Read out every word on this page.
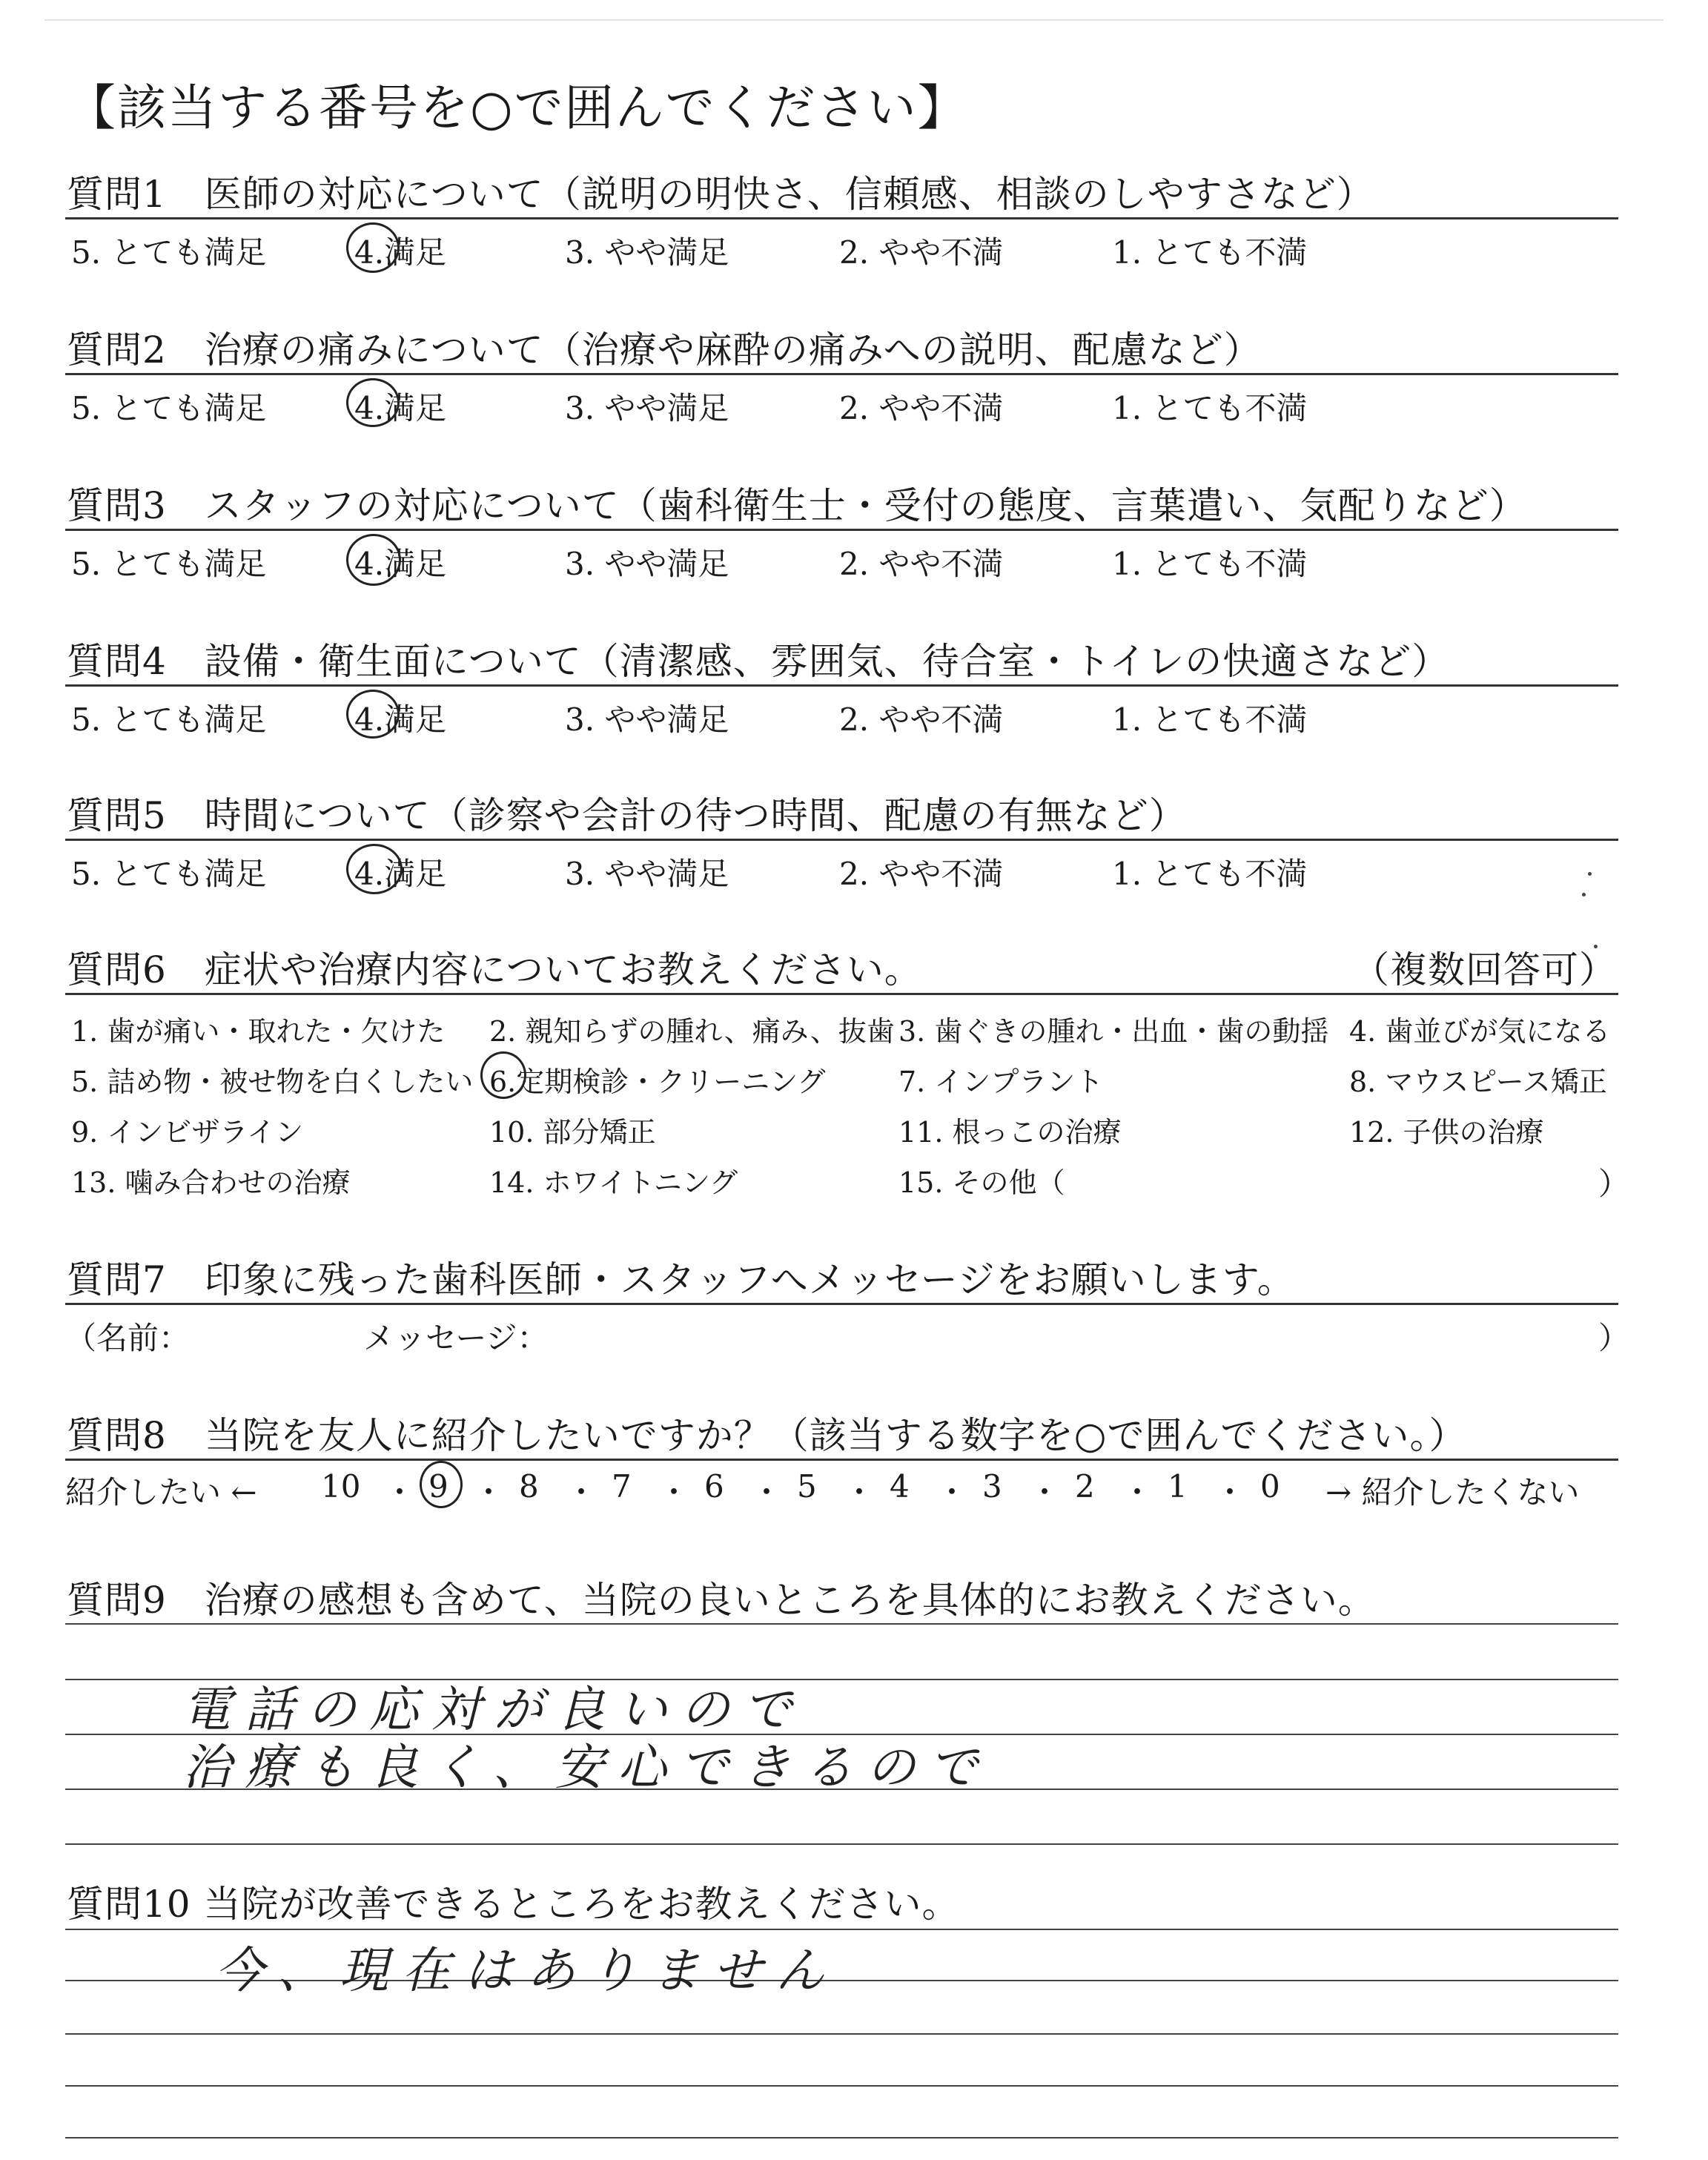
【該当する番号を○で囲んでください】
質問1　医師の対応について（説明の明快さ、信頼感、相談のしやすさなど）
5. とても満足	4.満足	3. やや満足	2. やや不満	1. とても不満
質問2　治療の痛みについて（治療や麻酔の痛みへの説明、配慮など）
5. とても満足	4.満足	3. やや満足	2. やや不満	1. とても不満
質問3　スタッフの対応について（歯科衛生士・受付の態度、言葉遣い、気配りなど）
5. とても満足	4.満足	3. やや満足	2. やや不満	1. とても不満
質問4　設備・衛生面について（清潔感、雰囲気、待合室・トイレの快適さなど）
5. とても満足	4.満足	3. やや満足	2. やや不満	1. とても不満
質問5　時間について（診察や会計の待つ時間、配慮の有無など）
5. とても満足	4.満足	3. やや満足	2. やや不満	1. とても不満
質問6　症状や治療内容についてお教えください。	（複数回答可）
1. 歯が痛い・取れた・欠けた 2. 親知らずの腫れ、痛み、抜歯 3. 歯ぐきの腫れ・出血・歯の動揺 4. 歯並びが気になる
5. 詰め物・被せ物を白くしたい 6.定期検診・クリーニング	7. インプラント	8. マウスピース矯正
9. インビザライン	10. 部分矯正	11. 根っこの治療	12. 子供の治療
13. 噛み合わせの治療	14. ホワイトニング	15. その他（	）
質問7　印象に残った歯科医師・スタッフへメッセージをお願いします。
（名前：	メッセージ：	）
質問8　当院を友人に紹介したいですか？（該当する数字を○で囲んでください。）
紹介したい ← 10 ・ 9 ・ 8 ・ 7 ・ 6 ・ 5 ・ 4 ・ 3 ・ 2 ・ 1 ・ 0 → 紹介したくない
質問9　治療の感想も含めて、当院の良いところを具体的にお教えください。
電話の応対が良いので
治療も良く、安心できるので
質問10 当院が改善できるところをお教えください。
今、現在はありません
